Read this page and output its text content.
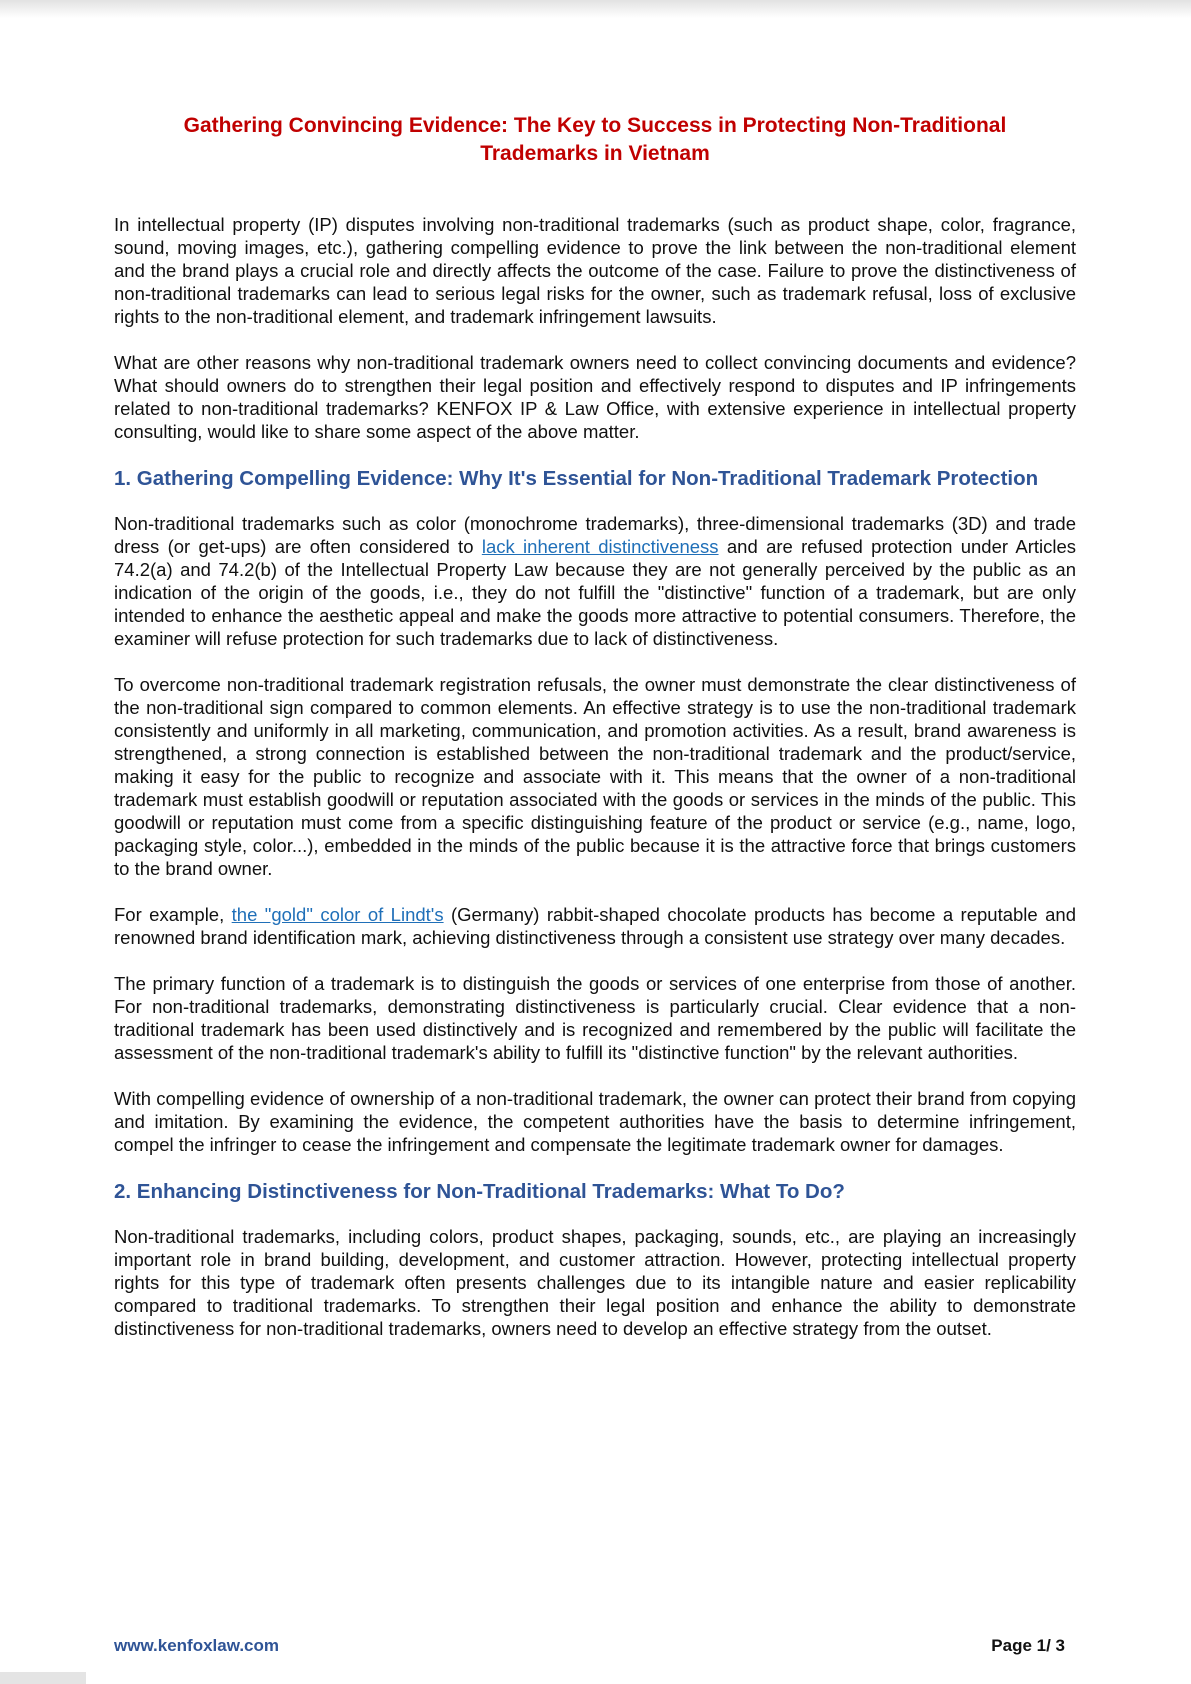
Gathering Convincing Evidence: The Key to Success in Protecting Non-Traditional Trademarks in Vietnam

In intellectual property (IP) disputes involving non-traditional trademarks (such as product shape, color, fragrance, sound, moving images, etc.), gathering compelling evidence to prove the link between the non-traditional element and the brand plays a crucial role and directly affects the outcome of the case. Failure to prove the distinctiveness of non-traditional trademarks can lead to serious legal risks for the owner, such as trademark refusal, loss of exclusive rights to the non-traditional element, and trademark infringement lawsuits.

What are other reasons why non-traditional trademark owners need to collect convincing documents and evidence? What should owners do to strengthen their legal position and effectively respond to disputes and IP infringements related to non-traditional trademarks? KENFOX IP & Law Office, with extensive experience in intellectual property consulting, would like to share some aspect of the above matter.

1. Gathering Compelling Evidence: Why It's Essential for Non-Traditional Trademark Protection

Non-traditional trademarks such as color (monochrome trademarks), three-dimensional trademarks (3D) and trade dress (or get-ups) are often considered to lack inherent distinctiveness and are refused protection under Articles 74.2(a) and 74.2(b) of the Intellectual Property Law because they are not generally perceived by the public as an indication of the origin of the goods, i.e., they do not fulfill the "distinctive" function of a trademark, but are only intended to enhance the aesthetic appeal and make the goods more attractive to potential consumers. Therefore, the examiner will refuse protection for such trademarks due to lack of distinctiveness.

To overcome non-traditional trademark registration refusals, the owner must demonstrate the clear distinctiveness of the non-traditional sign compared to common elements. An effective strategy is to use the non-traditional trademark consistently and uniformly in all marketing, communication, and promotion activities. As a result, brand awareness is strengthened, a strong connection is established between the non-traditional trademark and the product/service, making it easy for the public to recognize and associate with it. This means that the owner of a non-traditional trademark must establish goodwill or reputation associated with the goods or services in the minds of the public. This goodwill or reputation must come from a specific distinguishing feature of the product or service (e.g., name, logo, packaging style, color...), embedded in the minds of the public because it is the attractive force that brings customers to the brand owner.

For example, the "gold" color of Lindt's (Germany) rabbit-shaped chocolate products has become a reputable and renowned brand identification mark, achieving distinctiveness through a consistent use strategy over many decades.

The primary function of a trademark is to distinguish the goods or services of one enterprise from those of another. For non-traditional trademarks, demonstrating distinctiveness is particularly crucial. Clear evidence that a non-traditional trademark has been used distinctively and is recognized and remembered by the public will facilitate the assessment of the non-traditional trademark's ability to fulfill its "distinctive function" by the relevant authorities.

With compelling evidence of ownership of a non-traditional trademark, the owner can protect their brand from copying and imitation. By examining the evidence, the competent authorities have the basis to determine infringement, compel the infringer to cease the infringement and compensate the legitimate trademark owner for damages.

2. Enhancing Distinctiveness for Non-Traditional Trademarks: What To Do?

Non-traditional trademarks, including colors, product shapes, packaging, sounds, etc., are playing an increasingly important role in brand building, development, and customer attraction. However, protecting intellectual property rights for this type of trademark often presents challenges due to its intangible nature and easier replicability compared to traditional trademarks. To strengthen their legal position and enhance the ability to demonstrate distinctiveness for non-traditional trademarks, owners need to develop an effective strategy from the outset.

www.kenfoxlaw.com	Page 1/ 3
